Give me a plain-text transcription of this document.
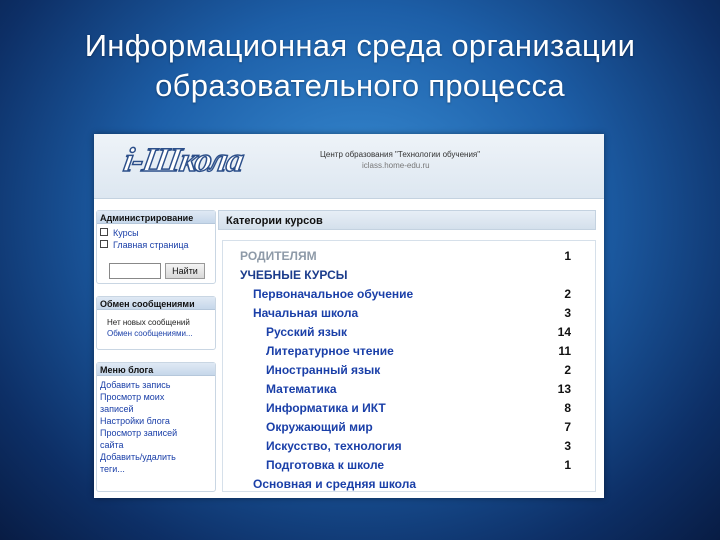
Информационная среда организации
образовательного процесса
i-Школа	Центр образования "Технологии обучения"
iclass.home-edu.ru
Администрирование
Курсы
Главная страница
Найти
Обмен сообщениями
Нет новых сообщений
Обмен сообщениями...
Меню блога
Добавить запись
Просмотр моих
записей
Настройки блога
Просмотр записей
сайта
Добавить/удалить
теги...
Категории курсов
РОДИТЕЛЯМ	1
УЧЕБНЫЕ КУРСЫ
Первоначальное обучение	2
Начальная школа	3
Русский язык	14
Литературное чтение	11
Иностранный язык	2
Математика	13
Информатика и ИКТ	8
Окружающий мир	7
Искусство, технология	3
Подготовка к школе	1
Основная и средняя школа
